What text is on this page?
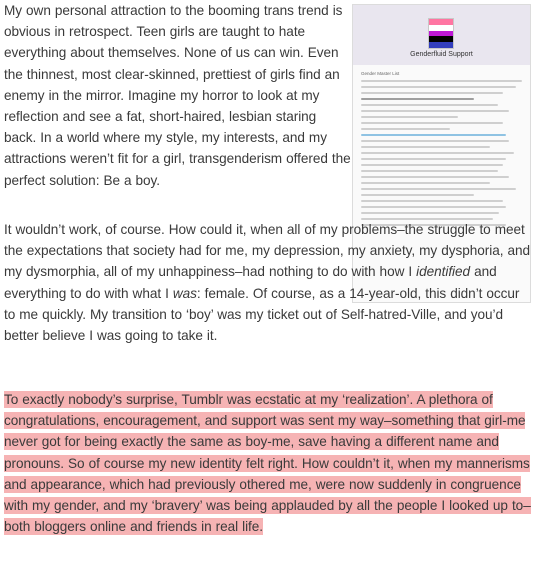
My own personal attraction to the booming trans trend is obvious in retrospect. Teen girls are taught to hate everything about themselves. None of us can win. Even the thinnest, most clear-skinned, prettiest of girls find an enemy in the mirror. Imagine my horror to look at my reflection and see a fat, short-haired, lesbian staring back. In a world where my style, my interests, and my attractions weren’t fit for a girl, transgenderism offered the perfect solution: Be a boy.

Genderfluid Support
Gender Master List

It wouldn’t work, of course. How could it, when all of my problems–the struggle to meet the expectations that society had for me, my depression, my anxiety, my dysphoria, and my dysmorphia, all of my unhappiness–had nothing to do with how I identified and everything to do with what I was: female. Of course, as a 14-year-old, this didn’t occur to me quickly. My transition to ‘boy’ was my ticket out of Self-hatred-Ville, and you’d better believe I was going to take it.

To exactly nobody’s surprise, Tumblr was ecstatic at my ‘realization’. A plethora of congratulations, encouragement, and support was sent my way–something that girl-me never got for being exactly the same as boy-me, save having a different name and pronouns. So of course my new identity felt right. How couldn’t it, when my mannerisms and appearance, which had previously othered me, were now suddenly in congruence with my gender, and my ‘bravery’ was being applauded by all the people I looked up to–both bloggers online and friends in real life.
